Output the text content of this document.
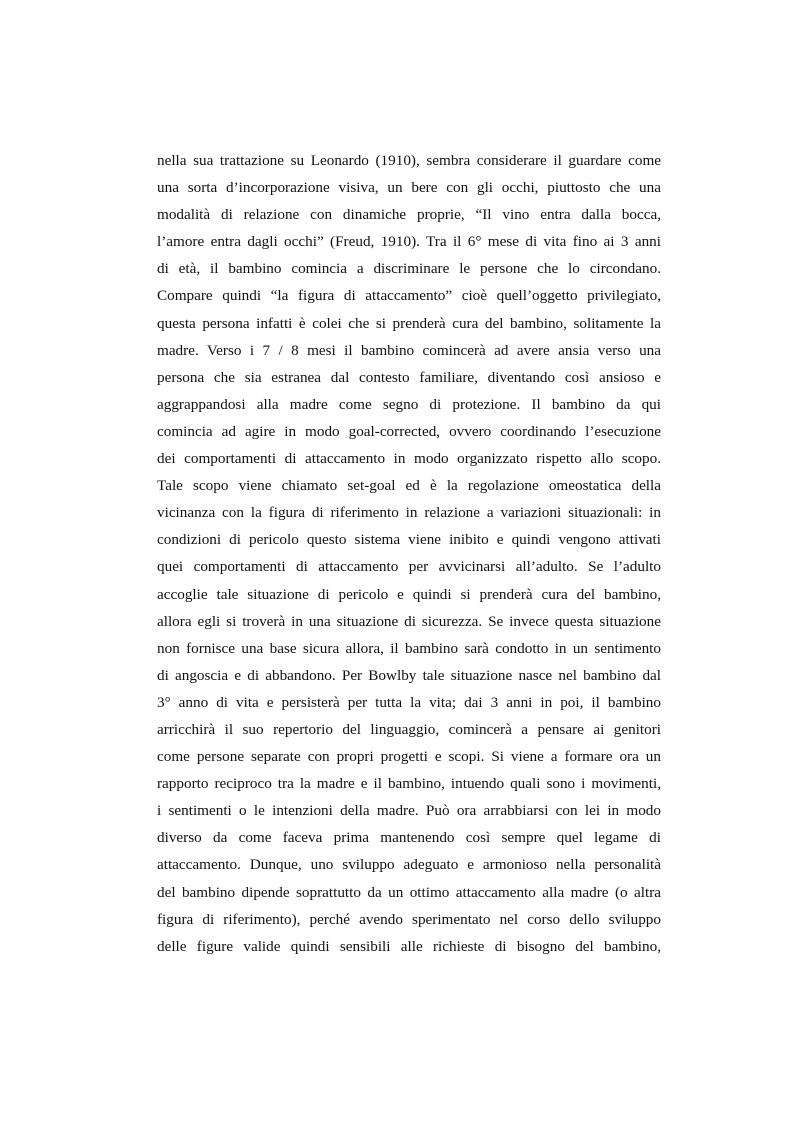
nella sua trattazione su Leonardo (1910), sembra considerare il guardare come
una sorta d’incorporazione visiva, un bere con gli occhi, piuttosto che una
modalità di relazione con dinamiche proprie, “Il vino entra dalla bocca,
l’amore entra dagli occhi” (Freud, 1910). Tra il 6° mese di vita fino ai 3 anni
di età, il bambino comincia a discriminare le persone che lo circondano.
Compare quindi “la figura di attaccamento” cioè quell’oggetto privilegiato,
questa persona infatti è colei che si prenderà cura del bambino, solitamente la
madre. Verso i 7 / 8 mesi il bambino comincerà ad avere ansia verso una
persona che sia estranea dal contesto familiare, diventando così ansioso e
aggrappandosi alla madre come segno di protezione. Il bambino da qui
comincia ad agire in modo goal-corrected, ovvero coordinando l’esecuzione
dei comportamenti di attaccamento in modo organizzato rispetto allo scopo.
Tale scopo viene chiamato set-goal ed è la regolazione omeostatica della
vicinanza con la figura di riferimento in relazione a variazioni situazionali: in
condizioni di pericolo questo sistema viene inibito e quindi vengono attivati
quei comportamenti di attaccamento per avvicinarsi all’adulto. Se l’adulto
accoglie tale situazione di pericolo e quindi si prenderà cura del bambino,
allora egli si troverà in una situazione di sicurezza. Se invece questa situazione
non fornisce una base sicura allora, il bambino sarà condotto in un sentimento
di angoscia e di abbandono. Per Bowlby tale situazione nasce nel bambino dal
3° anno di vita e persisterà per tutta la vita; dai 3 anni in poi, il bambino
arricchirà il suo repertorio del linguaggio, comincerà a pensare ai genitori
come persone separate con propri progetti e scopi. Si viene a formare ora un
rapporto reciproco tra la madre e il bambino, intuendo quali sono i movimenti,
i sentimenti o le intenzioni della madre. Può ora arrabbiarsi con lei in modo
diverso da come faceva prima mantenendo così sempre quel legame di
attaccamento. Dunque, uno sviluppo adeguato e armonioso nella personalità
del bambino dipende soprattutto da un ottimo attaccamento alla madre (o altra
figura di riferimento), perché avendo sperimentato nel corso dello sviluppo
delle figure valide quindi sensibili alle richieste di bisogno del bambino,
